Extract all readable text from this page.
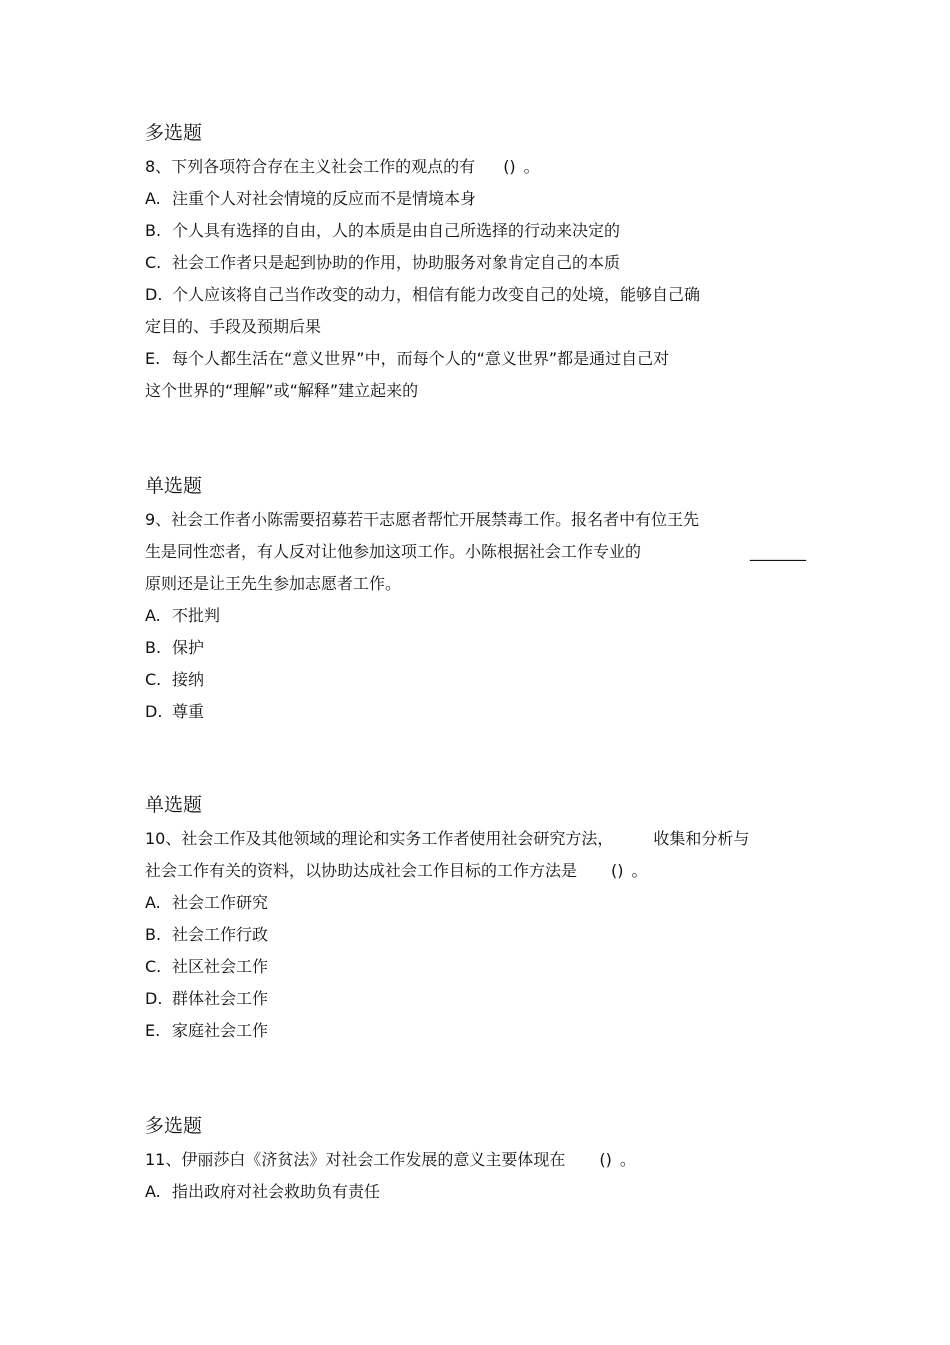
多选题
8、下列各项符合存在主义社会工作的观点的有 () 。
A. 注重个人对社会情境的反应而不是情境本身
B. 个人具有选择的自由，人的本质是由自己所选择的行动来决定的
C. 社会工作者只是起到协助的作用，协助服务对象肯定自己的本质
D. 个人应该将自己当作改变的动力，相信有能力改变自己的处境，能够自己确
定目的、手段及预期后果
E. 每个人都生活在“意义世界”中，而每个人的“意义世界”都是通过自己对
这个世界的“理解”或“解释”建立起来的
单选题
9、社会工作者小陈需要招募若干志愿者帮忙开展禁毒工作。报名者中有位王先
生是同性恋者，有人反对让他参加这项工作。小陈根据社会工作专业的	_______
原则还是让王先生参加志愿者工作。
A. 不批判
B. 保护
C. 接纳
D. 尊重
单选题
10、社会工作及其他领域的理论和实务工作者使用社会研究方法，	收集和分析与
社会工作有关的资料，以协助达成社会工作目标的工作方法是 () 。
A. 社会工作研究
B. 社会工作行政
C. 社区社会工作
D. 群体社会工作
E. 家庭社会工作
多选题
11、伊丽莎白《济贫法》对社会工作发展的意义主要体现在 () 。
A. 指出政府对社会救助负有责任
